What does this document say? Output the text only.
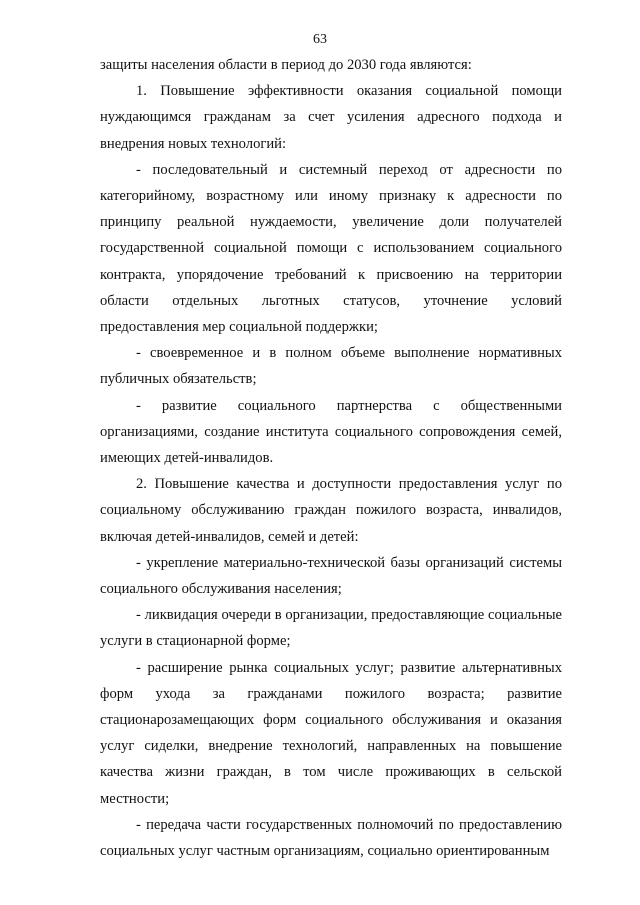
63

защиты населения области в период до 2030 года являются:

1. Повышение эффективности оказания социальной помощи нуждающимся гражданам за счет усиления адресного подхода и внедрения новых технологий:

- последовательный и системный переход от адресности по категорийному, возрастному или иному признаку к адресности по принципу реальной нуждаемости, увеличение доли получателей государственной социальной помощи с использованием социального контракта, упорядочение требований к присвоению на территории области отдельных льготных статусов, уточнение условий предоставления мер социальной поддержки;

- своевременное и в полном объеме выполнение нормативных публичных обязательств;

- развитие социального партнерства с общественными организациями, создание института социального сопровождения семей, имеющих детей-инвалидов.

2. Повышение качества и доступности предоставления услуг по социальному обслуживанию граждан пожилого возраста, инвалидов, включая детей-инвалидов, семей и детей:

- укрепление материально-технической базы организаций системы социального обслуживания населения;

- ликвидация очереди в организации, предоставляющие социальные услуги в стационарной форме;

- расширение рынка социальных услуг; развитие альтернативных форм ухода за гражданами пожилого возраста; развитие стационарозамещающих форм социального обслуживания и оказания услуг сиделки, внедрение технологий, направленных на повышение качества жизни граждан, в том числе проживающих в сельской местности;

- передача части государственных полномочий по предоставлению социальных услуг частным организациям, социально ориентированным
